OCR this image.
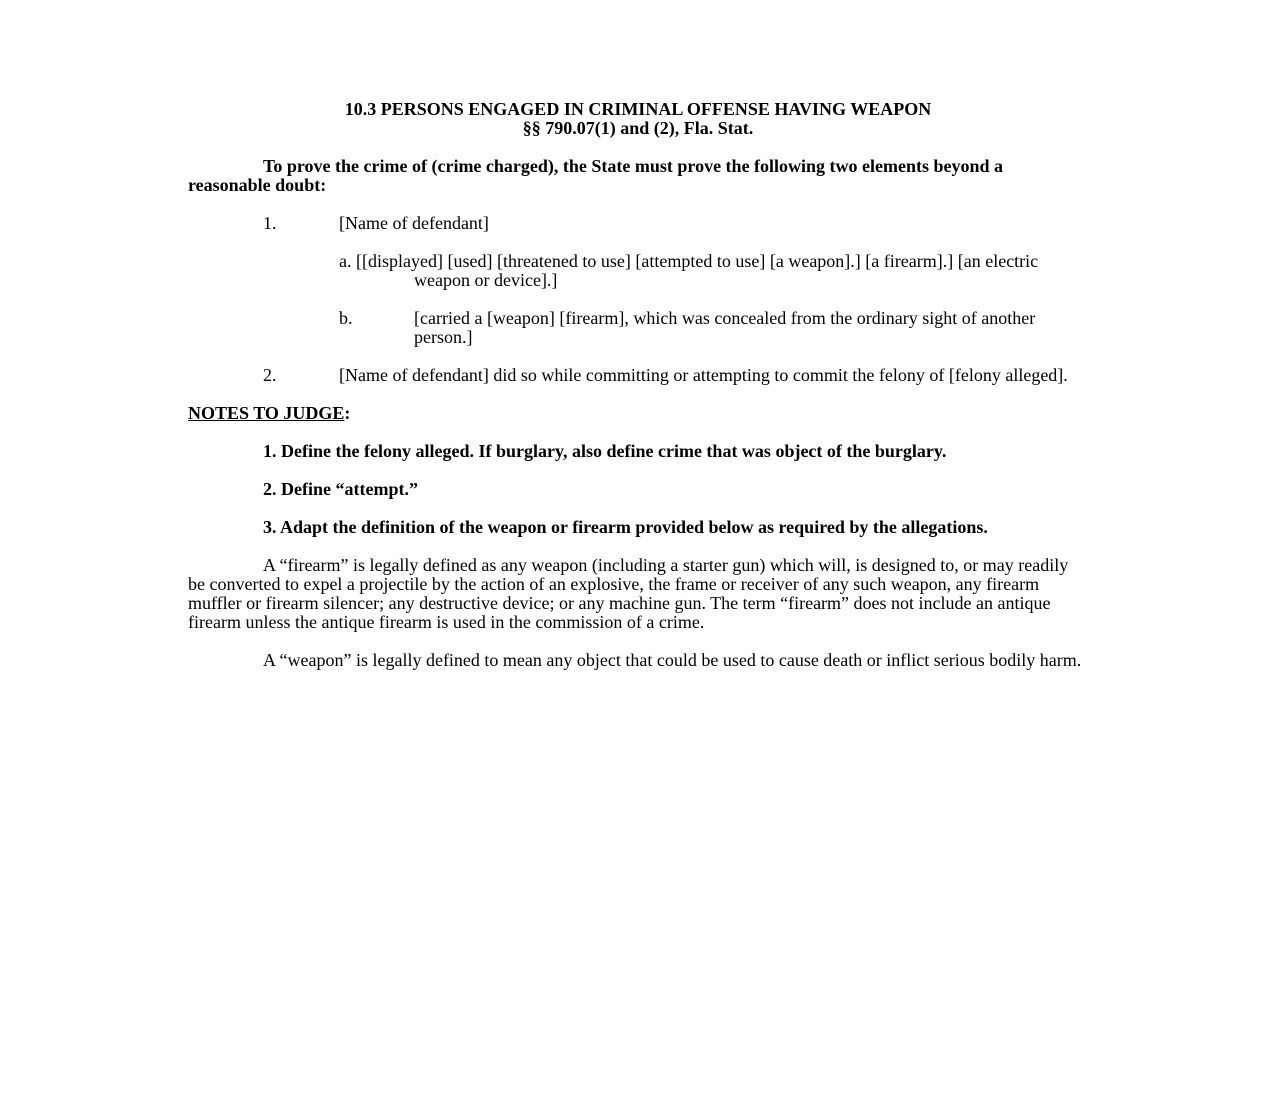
10.3 PERSONS ENGAGED IN CRIMINAL OFFENSE HAVING WEAPON

§§ 790.07(1) and (2), Fla. Stat.

To prove the crime of (crime charged), the State must prove the following two elements beyond a reasonable doubt:

1.	[Name of defendant]

a. [[displayed] [used] [threatened to use] [attempted to use] [a weapon].] [a firearm].] [an electric weapon or device].]

b.	[carried a [weapon] [firearm], which was concealed from the ordinary sight of another person.]

2.	[Name of defendant] did so while committing or attempting to commit the felony of [felony alleged].

NOTES TO JUDGE:

1. Define the felony alleged. If burglary, also define crime that was object of the burglary.

2. Define “attempt.”

3. Adapt the definition of the weapon or firearm provided below as required by the allegations.

A “firearm” is legally defined as any weapon (including a starter gun) which will, is designed to, or may readily be converted to expel a projectile by the action of an explosive, the frame or receiver of any such weapon, any firearm muffler or firearm silencer; any destructive device; or any machine gun. The term “firearm” does not include an antique firearm unless the antique firearm is used in the commission of a crime.

A “weapon” is legally defined to mean any object that could be used to cause death or inflict serious bodily harm.
